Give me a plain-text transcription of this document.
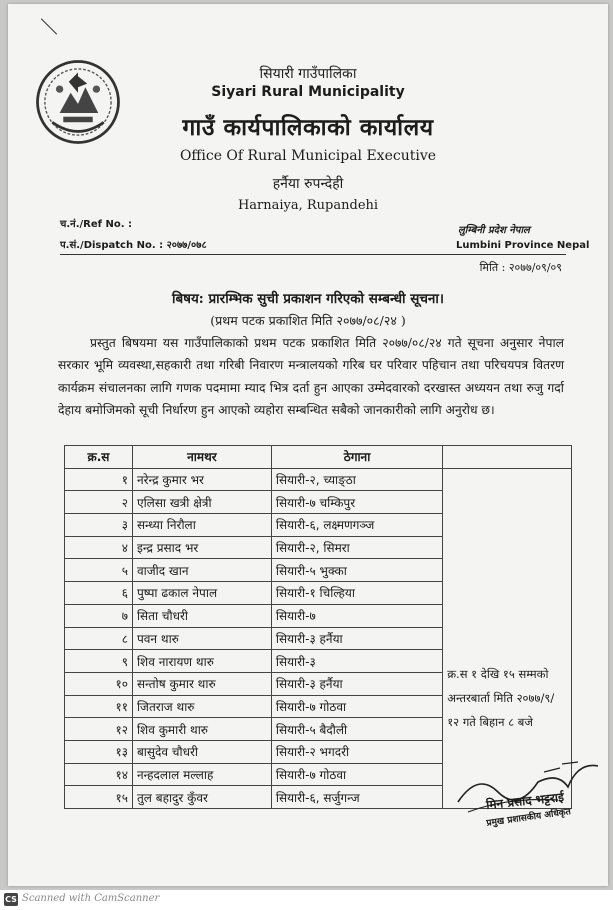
सियारी गाउँपालिका
Siyari Rural Municipality
गाउँ कार्यपालिकाको कार्यालय
Office Of Rural Municipal Executive
हर्नैया रुपन्देही
Harnaiya, Rupandehi
च.नं./Ref No. :
प.सं./Dispatch No. : २०७७/०७८
लुम्बिनी प्रदेश नेपाल
Lumbini Province Nepal
मिति : २०७७/०९/०९
बिषय: प्रारम्भिक सुची प्रकाशन गरिएको सम्बन्धी सूचना।
(प्रथम पटक प्रकाशित मिति २०७७/०८/२४ )
प्रस्तुत बिषयमा यस गाउँपालिकाको प्रथम पटक प्रकाशित मिति २०७७/०८/२४ गते सूचना अनुसार नेपाल सरकार भूमि व्यवस्था,सहकारी तथा गरिबी निवारण मन्त्रालयको गरिब घर परिवार पहिचान तथा परिचयपत्र वितरण कार्यक्रम संचालनका लागि गणक पदमामा म्याद भित्र दर्ता हुन आएका उम्मेदवारको दरखास्त अध्ययन तथा रुजु गर्दा देहाय बमोजिमको सूची निर्धारण हुन आएको व्यहोरा सम्बन्धित सबैको जानकारीको लागि अनुरोध छ।
क्र.स	नामथर	ठेगाना	
१	नरेन्द्र कुमार भर	सियारी-२, च्याङ्ठा	क्र.स १ देखि १५ सम्मको अन्तरबार्ता मिति २०७७/९/ १२ गते बिहान ८ बजे

२	एलिसा खत्री क्षेत्री	सियारी-७ चम्किपुर	
३	सन्ध्या निरौला	सियारी-६, लक्ष्मणगञ्ज	
४	इन्द्र प्रसाद भर	सियारी-२, सिमरा	
५	वाजीद खान	सियारी-५ भुक्का	
६	पुष्पा ढकाल नेपाल	सियारी-१ चिल्हिया	
७	सिता चौधरी	सियारी-७	
८	पवन थारु	सियारी-३ हर्नैया	
९	शिव नारायण थारु	सियारी-३	
१०	सन्तोष कुमार थारु	सियारी-३ हर्नैया	
११	जितराज थारु	सियारी-७ गोठवा	
१२	शिव कुमारी थारु	सियारी-५ बैदौली	
१३	बासुदेव चौधरी	सियारी-२ भगदरी	
१४	नन्हदलाल मल्लाह	सियारी-७ गोठवा	
१५	तुल बहादुर कुँवर	सियारी-६, सर्जुगन्ज		मिन प्रसाद भट्टराई
प्रमुख प्रशासकीय अधिकृत
CS Scanned with CamScanner
